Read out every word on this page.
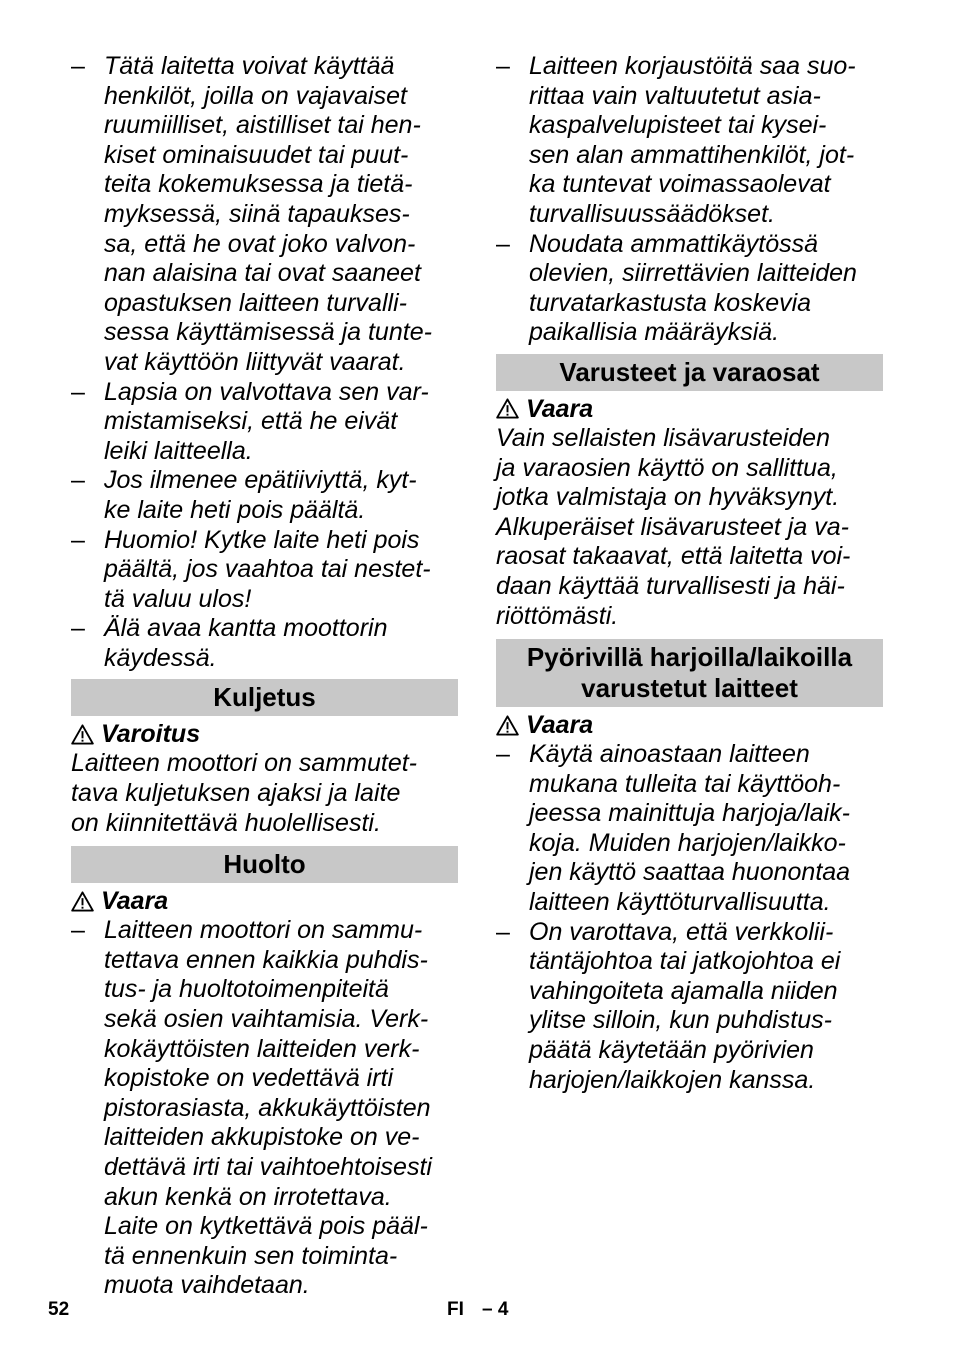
– Tätä laitetta voivat käyttää
henkilöt, joilla on vajavaiset
ruumiilliset, aistilliset tai hen-
kiset ominaisuudet tai puut-
teita kokemuksessa ja tietä-
myksessä, siinä tapaukses-
sa, että he ovat joko valvon-
nan alaisina tai ovat saaneet
opastuksen laitteen turvalli-
sessa käyttämisessä ja tunte-
vat käyttöön liittyvät vaarat.
– Lapsia on valvottava sen var-
mistamiseksi, että he eivät
leiki laitteella.
– Jos ilmenee epätiiviyttä, kyt-
ke laite heti pois päältä.
– Huomio! Kytke laite heti pois
päältä, jos vaahtoa tai nestet-
tä valuu ulos!
– Älä avaa kantta moottorin
käydessä.
Kuljetus
Varoitus
Laitteen moottori on sammutet-
tava kuljetuksen ajaksi ja laite
on kiinnitettävä huolellisesti.
Huolto
Vaara
– Laitteen moottori on sammu-
tettava ennen kaikkia puhdis-
tus- ja huoltotoimenpiteitä
sekä osien vaihtamisia. Verk-
kokäyttöisten laitteiden verk-
kopistoke on vedettävä irti
pistorasiasta, akkukäyttöisten
laitteiden akkupistoke on ve-
dettävä irti tai vaihtoehtoisesti
akun kenkä on irrotettava.
Laite on kytkettävä pois pääl-
tä ennenkuin sen toiminta-
muota vaihdetaan.
– Laitteen korjaustöitä saa suo-
rittaa vain valtuutetut asia-
kaspalvelupisteet tai kysei-
sen alan ammattihenkilöt, jot-
ka tuntevat voimassaolevat
turvallisuussäädökset.
– Noudata ammattikäytössä
olevien, siirrettävien laitteiden
turvatarkastusta koskevia
paikallisia määräyksiä.
Varusteet ja varaosat
Vaara
Vain sellaisten lisävarusteiden
ja varaosien käyttö on sallittua,
jotka valmistaja on hyväksynyt.
Alkuperäiset lisävarusteet ja va-
raosat takaavat, että laitetta voi-
daan käyttää turvallisesti ja häi-
riöttömästi.
Pyörivillä harjoilla/laikoilla
varustetut laitteet
Vaara
– Käytä ainoastaan laitteen
mukana tulleita tai käyttöoh-
jeessa mainittuja harjoja/laik-
koja. Muiden harjojen/laikko-
jen käyttö saattaa huonontaa
laitteen käyttöturvallisuutta.
– On varottava, että verkkolii-
täntäjohtoa tai jatkojohtoa ei
vahingoiteta ajamalla niiden
ylitse silloin, kun puhdistus-
päätä käytetään pyörivien
harjojen/laikkojen kanssa.
52	FI – 4
